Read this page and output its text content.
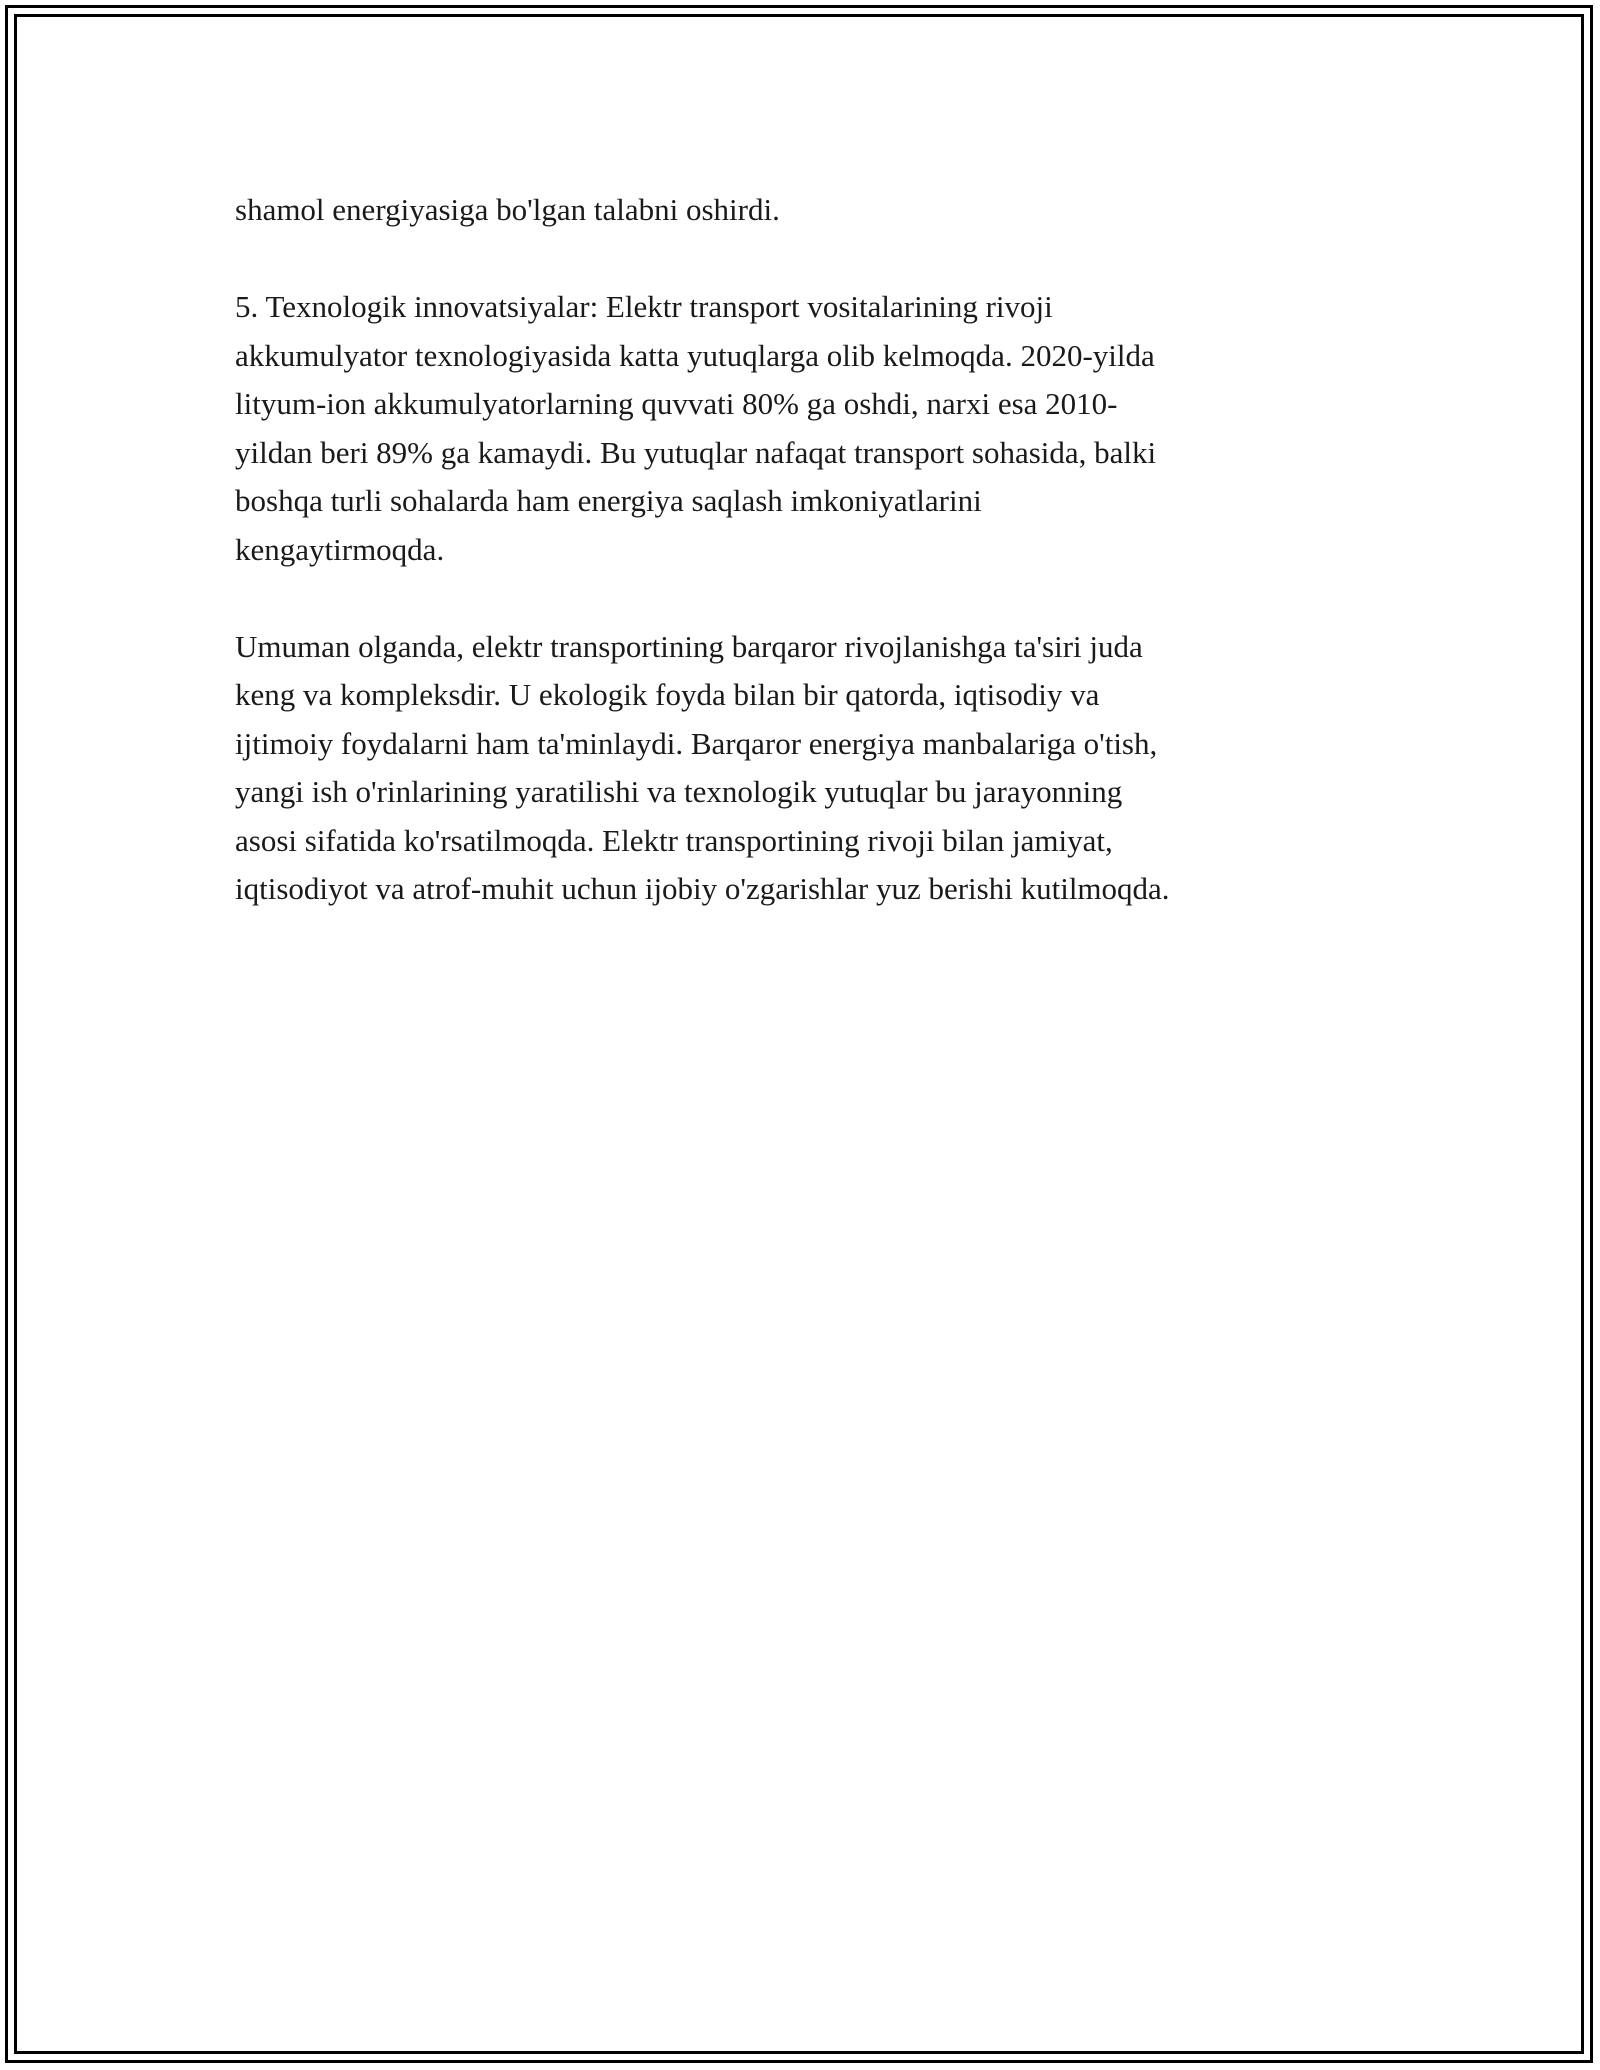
shamol energiyasiga bo'lgan talabni oshirdi.
5. Texnologik innovatsiyalar: Elektr transport vositalarining rivoji
akkumulyator texnologiyasida katta yutuqlarga olib kelmoqda. 2020-yilda
lityum-ion akkumulyatorlarning quvvati 80% ga oshdi, narxi esa 2010-
yildan beri 89% ga kamaydi. Bu yutuqlar nafaqat transport sohasida, balki
boshqa turli sohalarda ham energiya saqlash imkoniyatlarini
kengaytirmoqda.
Umuman olganda, elektr transportining barqaror rivojlanishga ta'siri juda
keng va kompleksdir. U ekologik foyda bilan bir qatorda, iqtisodiy va
ijtimoiy foydalarni ham ta'minlaydi. Barqaror energiya manbalariga o'tish,
yangi ish o'rinlarining yaratilishi va texnologik yutuqlar bu jarayonning
asosi sifatida ko'rsatilmoqda. Elektr transportining rivoji bilan jamiyat,
iqtisodiyot va atrof-muhit uchun ijobiy o'zgarishlar yuz berishi kutilmoqda.
